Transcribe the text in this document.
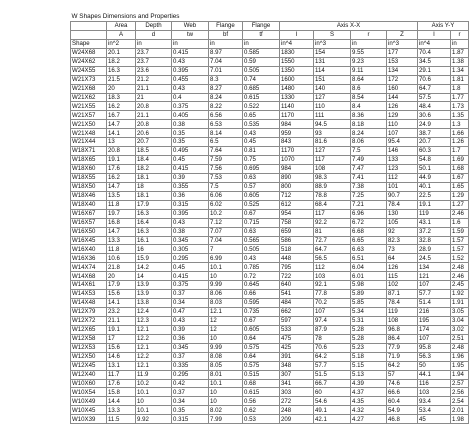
W Shapes Dimensions and Properties											
	Area	Depth	Web	Flange	Flange	Axis X-X				Axis Y-Y	
	A	d	tw	bf	tf	I	S	r	Z	I	r
Shape	in^2	in	in	in	in	in^4	in^3	in	in^3	in^4	in
W24X68	20.1	23.7	0.415	8.97	0.585	1830	154	9.55	177	70.4	1.87
W24X62	18.2	23.7	0.43	7.04	0.59	1550	131	9.23	153	34.5	1.38
W24X55	16.3	23.6	0.395	7.01	0.505	1350	114	9.11	134	29.1	1.34
W21X73	21.5	21.2	0.455	8.3	0.74	1600	151	8.64	172	70.6	1.81
W21X68	20	21.1	0.43	8.27	0.685	1480	140	8.6	160	64.7	1.8
W21X62	18.3	21	0.4	8.24	0.615	1330	127	8.54	144	57.5	1.77
W21X55	16.2	20.8	0.375	8.22	0.522	1140	110	8.4	126	48.4	1.73
W21X57	16.7	21.1	0.405	6.56	0.65	1170	111	8.36	129	30.6	1.35
W21X50	14.7	20.8	0.38	6.53	0.535	984	94.5	8.18	110	24.9	1.3
W21X48	14.1	20.6	0.35	8.14	0.43	959	93	8.24	107	38.7	1.66
W21X44	13	20.7	0.35	6.5	0.45	843	81.6	8.06	95.4	20.7	1.26
W18X71	20.8	18.5	0.495	7.64	0.81	1170	127	7.5	146	60.3	1.7
W18X65	19.1	18.4	0.45	7.59	0.75	1070	117	7.49	133	54.8	1.69
W18X60	17.6	18.2	0.415	7.56	0.695	984	108	7.47	123	50.1	1.68
W18X55	16.2	18.1	0.39	7.53	0.63	890	98.3	7.41	112	44.9	1.67
W18X50	14.7	18	0.355	7.5	0.57	800	88.9	7.38	101	40.1	1.65
W18X46	13.5	18.1	0.36	6.06	0.605	712	78.8	7.25	90.7	22.5	1.29
W18X40	11.8	17.9	0.315	6.02	0.525	612	68.4	7.21	78.4	19.1	1.27
W16X67	19.7	16.3	0.395	10.2	0.67	954	117	6.96	130	119	2.46
W16X57	16.8	16.4	0.43	7.12	0.715	758	92.2	6.72	105	43.1	1.6
W16X50	14.7	16.3	0.38	7.07	0.63	659	81	6.68	92	37.2	1.59
W16X45	13.3	16.1	0.345	7.04	0.565	586	72.7	6.65	82.3	32.8	1.57
W16X40	11.8	16	0.305	7	0.505	518	64.7	6.63	73	28.9	1.57
W16X36	10.6	15.9	0.295	6.99	0.43	448	56.5	6.51	64	24.5	1.52
W14X74	21.8	14.2	0.45	10.1	0.785	795	112	6.04	126	134	2.48
W14X68	20	14	0.415	10	0.72	722	103	6.01	115	121	2.46
W14X61	17.9	13.9	0.375	9.99	0.645	640	92.1	5.98	102	107	2.45
W14X53	15.6	13.9	0.37	8.06	0.66	541	77.8	5.89	87.1	57.7	1.92
W14X48	14.1	13.8	0.34	8.03	0.595	484	70.2	5.85	78.4	51.4	1.91
W12X79	23.2	12.4	0.47	12.1	0.735	662	107	5.34	119	216	3.05
W12X72	21.1	12.3	0.43	12	0.67	597	97.4	5.31	108	195	3.04
W12X65	19.1	12.1	0.39	12	0.605	533	87.9	5.28	96.8	174	3.02
W12X58	17	12.2	0.36	10	0.64	475	78	5.28	86.4	107	2.51
W12X53	15.6	12.1	0.345	9.99	0.575	425	70.6	5.23	77.9	95.8	2.48
W12X50	14.6	12.2	0.37	8.08	0.64	391	64.2	5.18	71.9	56.3	1.96
W12X45	13.1	12.1	0.335	8.05	0.575	348	57.7	5.15	64.2	50	1.95
W12X40	11.7	11.9	0.295	8.01	0.515	307	51.5	5.13	57	44.1	1.94
W10X60	17.6	10.2	0.42	10.1	0.68	341	66.7	4.39	74.6	116	2.57
W10X54	15.8	10.1	0.37	10	0.615	303	60	4.37	66.6	103	2.56
W10X49	14.4	10	0.34	10	0.56	272	54.6	4.35	60.4	93.4	2.54
W10X45	13.3	10.1	0.35	8.02	0.62	248	49.1	4.32	54.9	53.4	2.01
W10X39	11.5	9.92	0.315	7.99	0.53	209	42.1	4.27	46.8	45	1.98
